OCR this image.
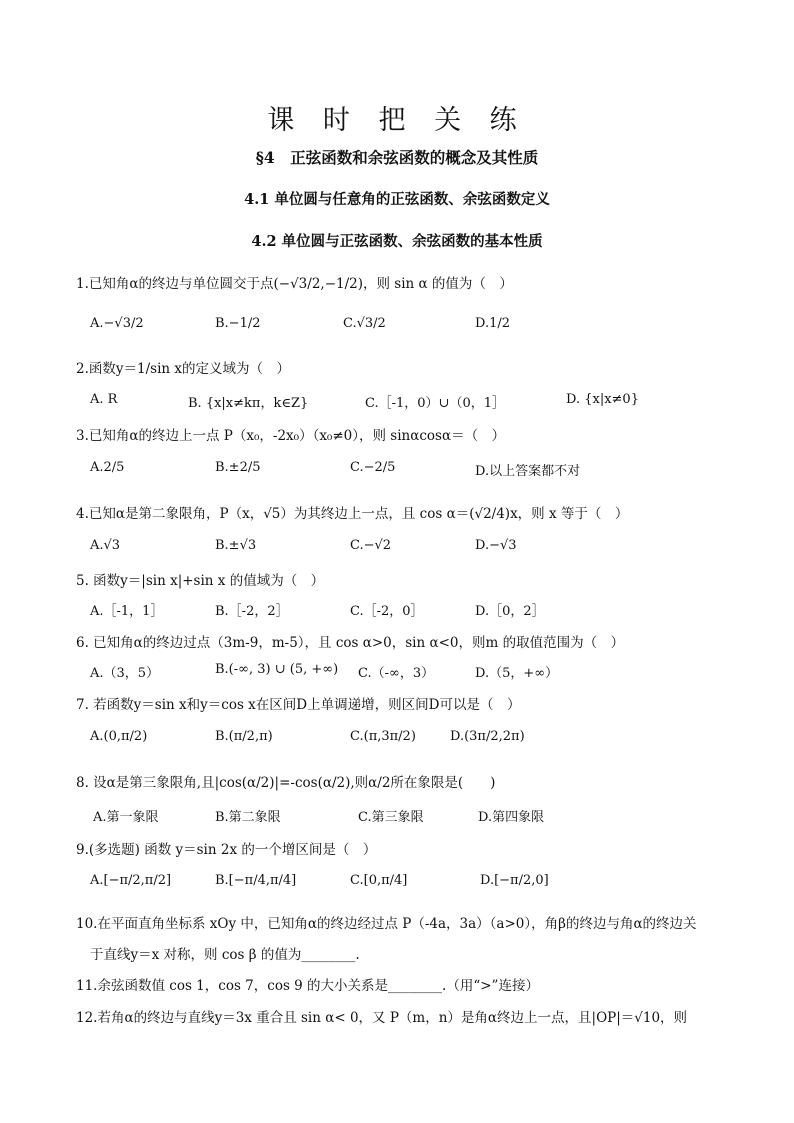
课 时 把 关 练
§4　正弦函数和余弦函数的概念及其性质
4.1 单位圆与任意角的正弦函数、余弦函数定义
4.2 单位圆与正弦函数、余弦函数的基本性质
1.已知角α的终边与单位圆交于点(−√3/2,−1/2)，则 sin α 的值为（　）
A.−√3/2	B.−1/2	C.√3/2	D.1/2
2.函数y＝1/sin x的定义域为（　）
A. R	B. {x|x≠kπ，k∈Z}	C.［-1，0）∪（0，1］	D. {x|x≠0}
3.已知角α的终边上一点 P（x₀，-2x₀）（x₀≠0），则 sinαcosα＝（　）
A.2/5	B.±2/5	C.−2/5	D.以上答案都不对
4.已知α是第二象限角，P（x，√5）为其终边上一点，且 cos α＝(√2/4)x，则 x 等于（　）
A.√3	B.±√3	C.−√2	D.−√3
5. 函数y＝|sin x|+sin x 的值域为（　）
A.［-1，1］	B.［-2，2］	C.［-2，0］	D.［0，2］
6. 已知角α的终边过点（3m-9，m-5），且 cos α>0，sin α<0，则m 的取值范围为（　）
A.（3，5）	B.(-∞, 3) ∪ (5, +∞) C.（-∞，3）	D.（5，+∞）
7. 若函数y＝sin x和y＝cos x在区间D上单调递增，则区间D可以是（　）
A.(0,π/2)	B.(π/2,π)	C.(π,3π/2)	D.(3π/2,2π)
8. 设α是第三象限角,且|cos(α/2)|=-cos(α/2),则α/2所在象限是(　　)
A.第一象限	B.第二象限	C.第三象限	D.第四象限
9.(多选题) 函数 y＝sin 2x 的一个增区间是（　）
A.[−π/2,π/2]	B.[−π/4,π/4]	C.[0,π/4]	D.[−π/2,0]
10.在平面直角坐标系 xOy 中，已知角α的终边经过点 P（-4a，3a）（a>0），角β的终边与角α的终边关
于直线y＝x 对称，则 cos β 的值为________.
11.余弦函数值 cos 1，cos 7，cos 9 的大小关系是________.（用“>”连接）
12.若角α的终边与直线y＝3x 重合且 sin α< 0，又 P（m，n）是角α终边上一点，且|OP|＝√10，则
